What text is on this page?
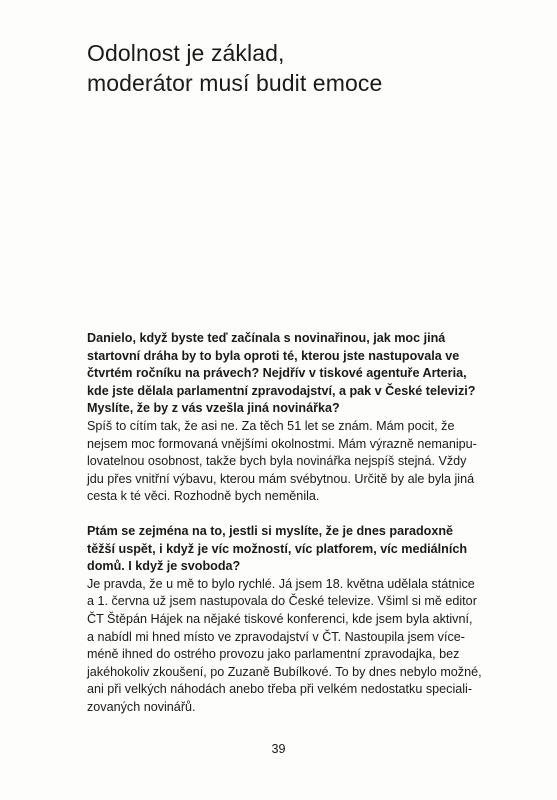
Odolnost je základ,
moderátor musí budit emoce
Danielo, když byste teď začínala s novinařinou, jak moc jiná
startovní dráha by to byla oproti té, kterou jste nastupovala ve
čtvrtém ročníku na právech? Nejdřív v tiskové agentuře Arteria,
kde jste dělala parlamentní zpravodajství, a pak v České televizi?
Myslíte, že by z vás vzešla jiná novinářka?
Spíš to cítím tak, že asi ne. Za těch 51 let se znám. Mám pocit, že
nejsem moc formovaná vnějšími okolnostmi. Mám výrazně nemanipu-
lovatelnou osobnost, takže bych byla novinářka nejspíš stejná. Vždy
jdu přes vnitřní výbavu, kterou mám svébytnou. Určitě by ale byla jiná
cesta k té věci. Rozhodně bych neměnila.
Ptám se zejména na to, jestli si myslíte, že je dnes paradoxně
těžší uspět, i když je víc možností, víc platforem, víc mediálních
domů. I když je svoboda?
Je pravda, že u mě to bylo rychlé. Já jsem 18. května udělala státnice
a 1. června už jsem nastupovala do České televize. Všiml si mě editor
ČT Štěpán Hájek na nějaké tiskové konferenci, kde jsem byla aktivní,
a nabídl mi hned místo ve zpravodajství v ČT. Nastoupila jsem více-
méně ihned do ostrého provozu jako parlamentní zpravodajka, bez
jakéhokoliv zkoušení, po Zuzaně Bubílkové. To by dnes nebylo možné,
ani při velkých náhodách anebo třeba při velkém nedostatku speciali-
zovaných novinářů.
39
